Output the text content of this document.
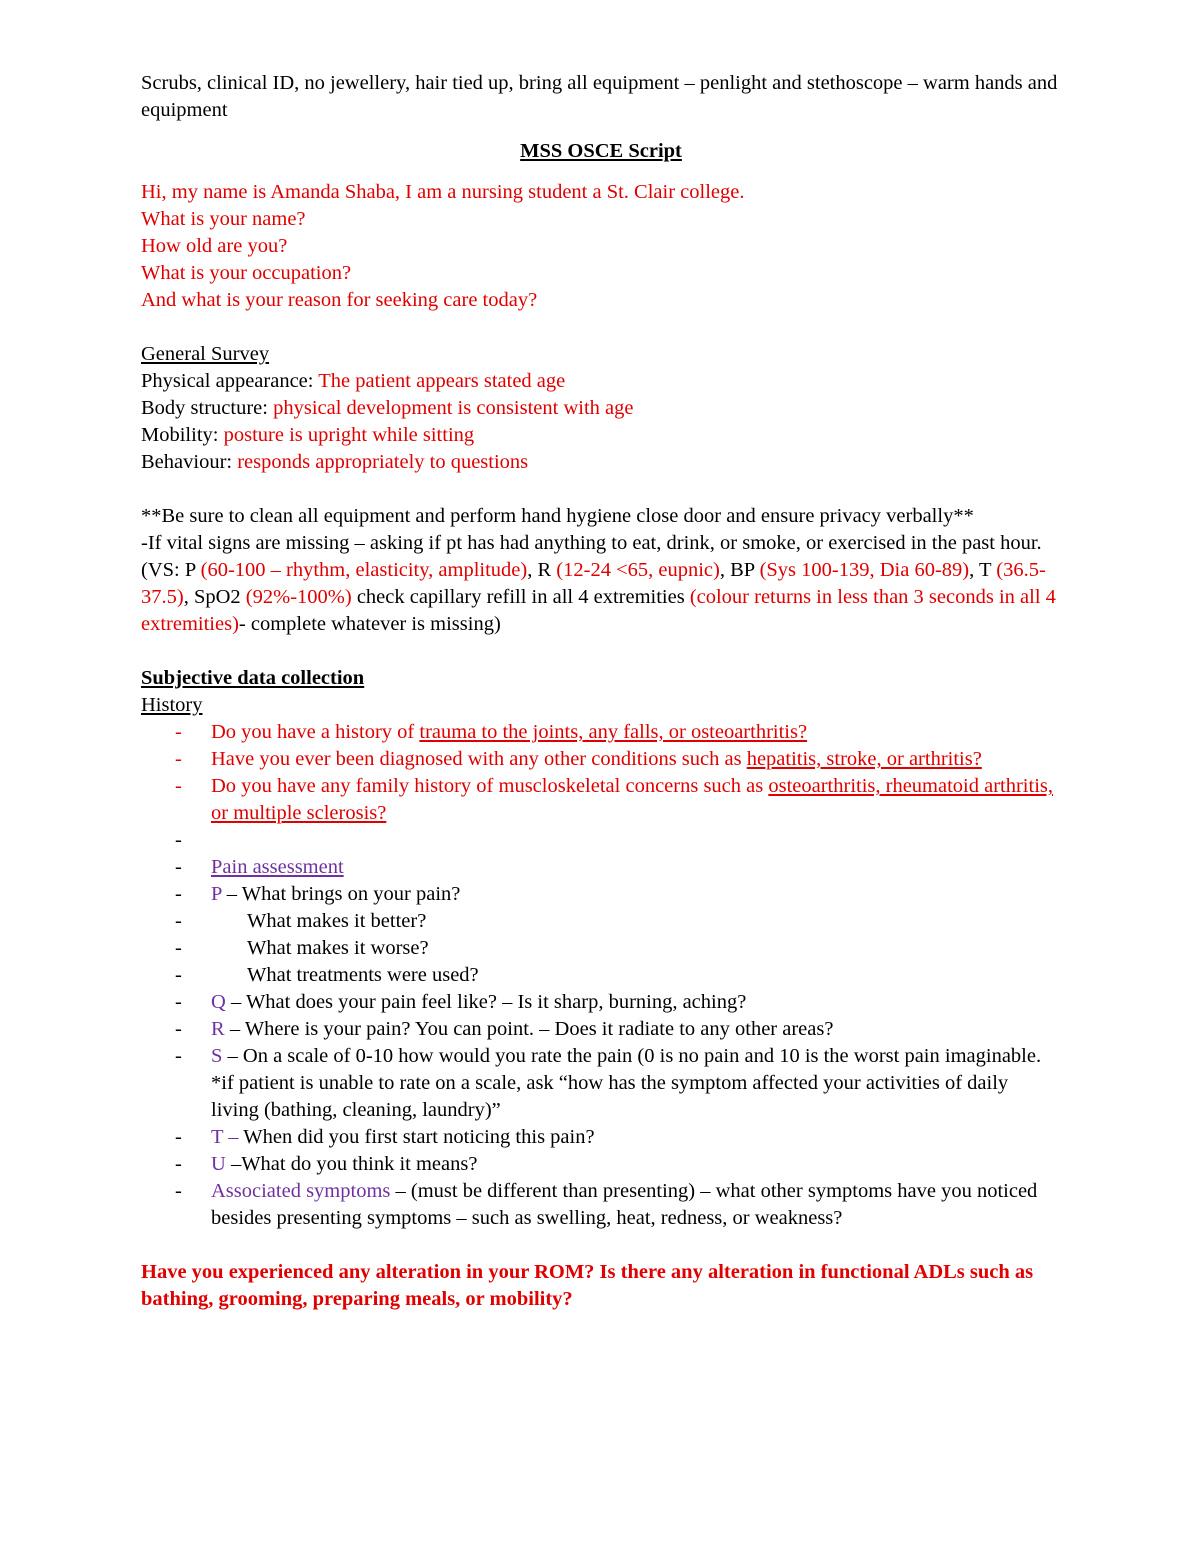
Scrubs, clinical ID, no jewellery, hair tied up, bring all equipment – penlight and stethoscope – warm hands and equipment

MSS OSCE Script

Hi, my name is Amanda Shaba, I am a nursing student a St. Clair college.

What is your name?

How old are you?

What is your occupation?

And what is your reason for seeking care today?

General Survey

Physical appearance: The patient appears stated age

Body structure: physical development is consistent with age

Mobility: posture is upright while sitting

Behaviour: responds appropriately to questions

**Be sure to clean all equipment and perform hand hygiene close door and ensure privacy verbally**

-If vital signs are missing – asking if pt has had anything to eat, drink, or smoke, or exercised in the past hour. (VS: P (60-100 – rhythm, elasticity, amplitude), R (12-24 <65, eupnic), BP (Sys 100-139, Dia 60-89), T (36.5-37.5), SpO2 (92%-100%) check capillary refill in all 4 extremities (colour returns in less than 3 seconds in all 4 extremities)- complete whatever is missing)

Subjective data collection

History

- Do you have a history of trauma to the joints, any falls, or osteoarthritis?
- Have you ever been diagnosed with any other conditions such as hepatitis, stroke, or arthritis?
- Do you have any family history of muscloskeletal concerns such as osteoarthritis, rheumatoid arthritis, or multiple sclerosis?
-

- Pain assessment
- P – What brings on your pain?
-	What makes it better?
-	What makes it worse?
-	What treatments were used?
- Q – What does your pain feel like? – Is it sharp, burning, aching?
- R – Where is your pain? You can point. – Does it radiate to any other areas?
- S – On a scale of 0-10 how would you rate the pain (0 is no pain and 10 is the worst pain imaginable. *if patient is unable to rate on a scale, ask “how has the symptom affected your activities of daily living (bathing, cleaning, laundry)”
- T – When did you first start noticing this pain?
- U –What do you think it means?
- Associated symptoms – (must be different than presenting) – what other symptoms have you noticed besides presenting symptoms – such as swelling, heat, redness, or weakness?

Have you experienced any alteration in your ROM? Is there any alteration in functional ADLs such as bathing, grooming, preparing meals, or mobility?
